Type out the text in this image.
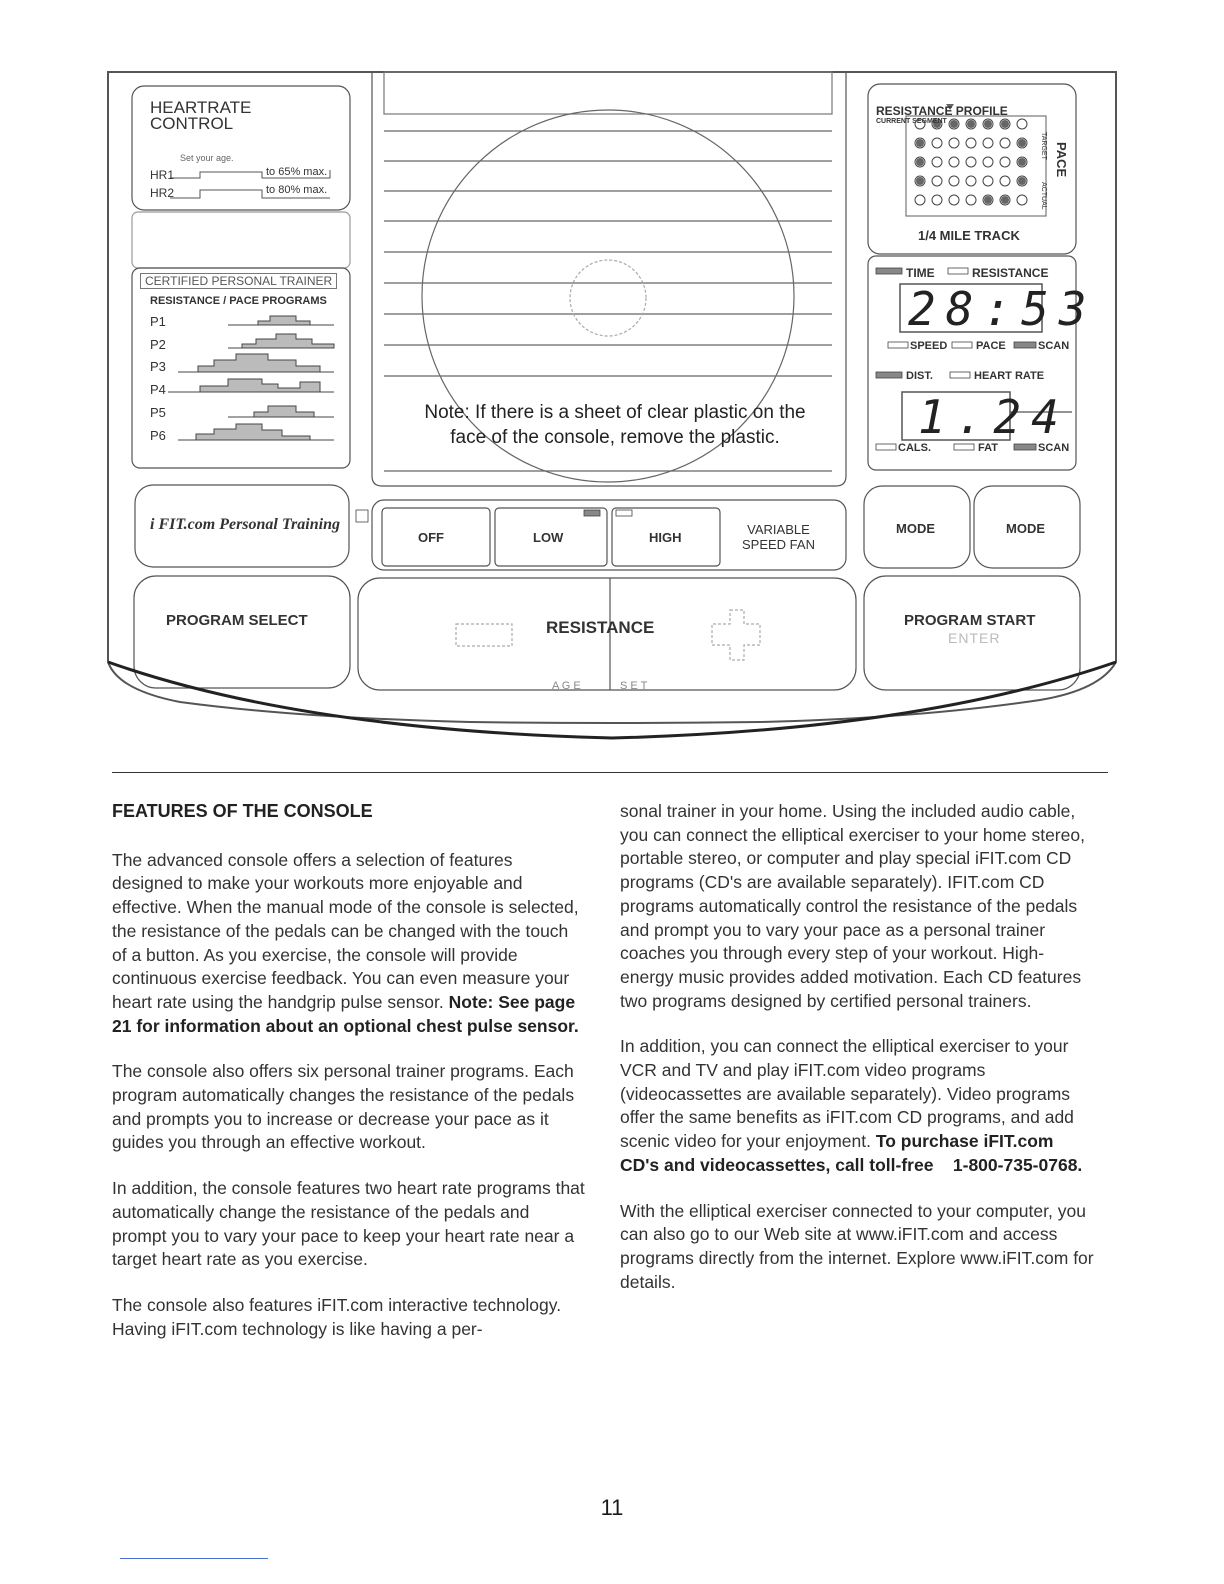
HEARTRATE
CONTROL
Set your age.
HR1	to 65% max.
HR2	to 80% max.
CERTIFIED PERSONAL TRAINER
RESISTANCE / PACE PROGRAMS
P1
P2
P3
P4
P5
P6
i FIT.com Personal Training
Note: If there is a sheet of clear plastic on the face of the console, remove the plastic.
OFF	LOW	HIGH
VARIABLE
SPEED FAN
RESISTANCE PROFILE
CURRENT SEGMENT
TARGET PACE
ACTUAL
1/4 MILE TRACK
TIME	RESISTANCE
28:53
SPEED	PACE	SCAN
DIST.	HEART RATE
1.24
CALS.	FAT	SCAN
MODE	MODE
PROGRAM SELECT	RESISTANCE
A G E	S E T
PROGRAM START
ENTER
FEATURES OF THE CONSOLE

The advanced console offers a selection of features designed to make your workouts more enjoyable and effective. When the manual mode of the console is selected, the resistance of the pedals can be changed with the touch of a button. As you exercise, the console will provide continuous exercise feedback. You can even measure your heart rate using the handgrip pulse sensor. Note: See page 21 for information about an optional chest pulse sensor.

The console also offers six personal trainer programs. Each program automatically changes the resistance of the pedals and prompts you to increase or decrease your pace as it guides you through an effective workout.

In addition, the console features two heart rate programs that automatically change the resistance of the pedals and prompt you to vary your pace to keep your heart rate near a target heart rate as you exercise.

The console also features iFIT.com interactive technology. Having iFIT.com technology is like having a per-

sonal trainer in your home. Using the included audio cable, you can connect the elliptical exerciser to your home stereo, portable stereo, or computer and play special iFIT.com CD programs (CD's are available separately). IFIT.com CD programs automatically control the resistance of the pedals and prompt you to vary your pace as a personal trainer coaches you through every step of your workout. High-energy music provides added motivation. Each CD features two programs designed by certified personal trainers.

In addition, you can connect the elliptical exerciser to your VCR and TV and play iFIT.com video programs (videocassettes are available separately). Video programs offer the same benefits as iFIT.com CD programs, and add scenic video for your enjoyment. To purchase iFIT.com CD's and videocassettes, call toll-free    1-800-735-0768.

With the elliptical exerciser connected to your computer, you can also go to our Web site at www.iFIT.com and access programs directly from the internet. Explore www.iFIT.com for details.

11
